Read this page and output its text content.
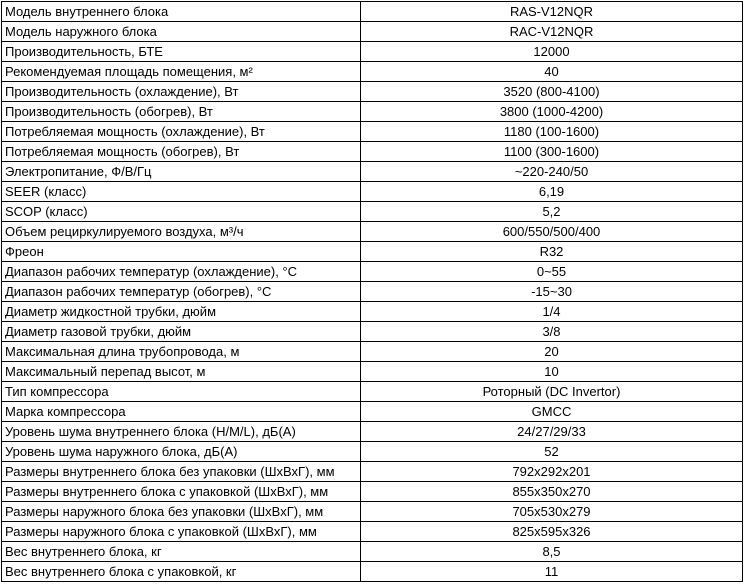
Модель внутреннего блока	RAS-V12NQR
Модель наружного блока	RAC-V12NQR
Производительность, БТЕ	12000
Рекомендуемая площадь помещения, м²	40
Производительность (охлаждение), Вт	3520 (800-4100)
Производительность (обогрев), Вт	3800 (1000-4200)
Потребляемая мощность (охлаждение), Вт	1180 (100-1600)
Потребляемая мощность (обогрев), Вт	1100 (300-1600)
Электропитание, Ф/В/Гц	~220-240/50
SEER (класс)	6,19
SCOP (класс)	5,2
Объем рециркулируемого воздуха, м³/ч	600/550/500/400
Фреон	R32
Диапазон рабочих температур (охлаждение), °С	0~55
Диапазон рабочих температур (обогрев), °С	-15~30
Диаметр жидкостной трубки, дюйм	1/4
Диаметр газовой трубки, дюйм	3/8
Максимальная длина трубопровода, м	20
Максимальный перепад высот, м	10
Тип компрессора	Роторный (DC Invertor)
Марка компрессора	GMCC
Уровень шума внутреннего блока (H/M/L), дБ(А)	24/27/29/33
Уровень шума наружного блока, дБ(А)	52
Размеры внутреннего блока без упаковки (ШхВхГ), мм	792x292x201
Размеры внутреннего блока с упаковкой (ШхВхГ), мм	855x350x270
Размеры наружного блока без упаковки (ШхВхГ), мм	705x530x279
Размеры наружного блока с упаковкой (ШхВхГ), мм	825x595x326
Вес внутреннего блока, кг	8,5
Вес внутреннего блока с упаковкой, кг	11
